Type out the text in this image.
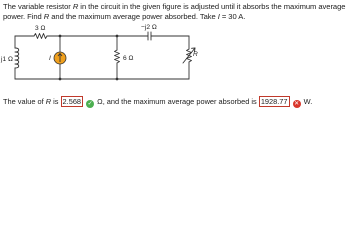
The variable resistor R in the circuit in the given figure is adjusted until it absorbs the maximum average power. Find R and the maximum average power absorbed. Take I = 30 A.
3 Ω	−j2 Ω
j1 Ω	I	6 Ω
R
The value of R is 2.568 ✓ Ω, and the maximum average power absorbed is 1928.77 ✕ W.
